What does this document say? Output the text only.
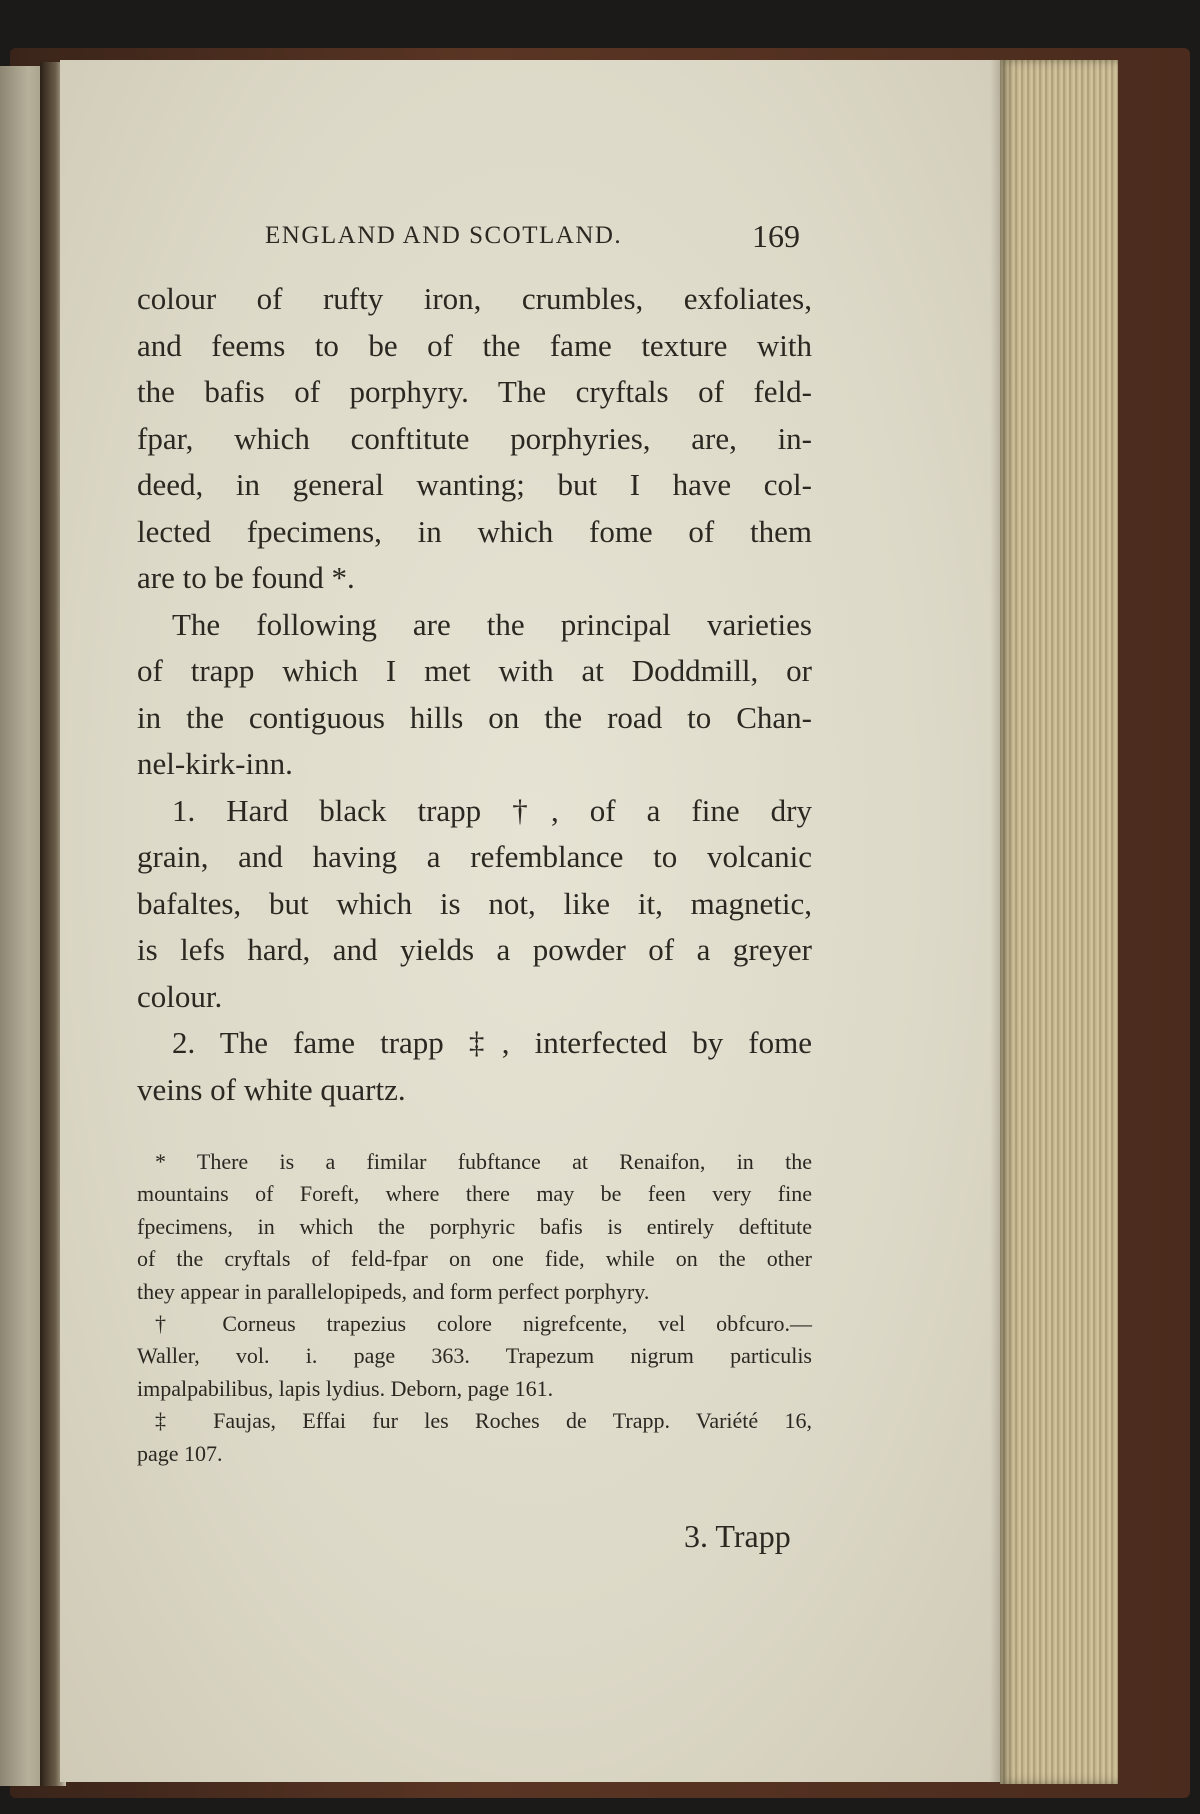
ENGLAND AND SCOTLAND.	169
colour of rufty iron, crumbles, exfoliates,
and feems to be of the fame texture with
the bafis of porphyry. The cryftals of feld-
fpar, which conftitute porphyries, are, in-
deed, in general wanting; but I have col-
lected fpecimens, in which fome of them
are to be found *.
The following are the principal varieties
of trapp which I met with at Doddmill, or
in the contiguous hills on the road to Chan-
nel-kirk-inn.
1. Hard black trapp †, of a fine dry
grain, and having a refemblance to volcanic
bafaltes, but which is not, like it, magnetic,
is lefs hard, and yields a powder of a greyer
colour.
2. The fame trapp ‡, interfected by fome
veins of white quartz.
* There is a fimilar fubftance at Renaifon, in the
mountains of Foreft, where there may be feen very fine
fpecimens, in which the porphyric bafis is entirely deftitute
of the cryftals of feld-fpar on one fide, while on the other
they appear in parallelopipeds, and form perfect porphyry.
† Corneus trapezius colore nigrefcente, vel obfcuro.—
Waller, vol. i. page 363. Trapezum nigrum particulis
impalpabilibus, lapis lydius. Deborn, page 161.
‡ Faujas, Effai fur les Roches de Trapp. Variété 16,
page 107.
3. Trapp
